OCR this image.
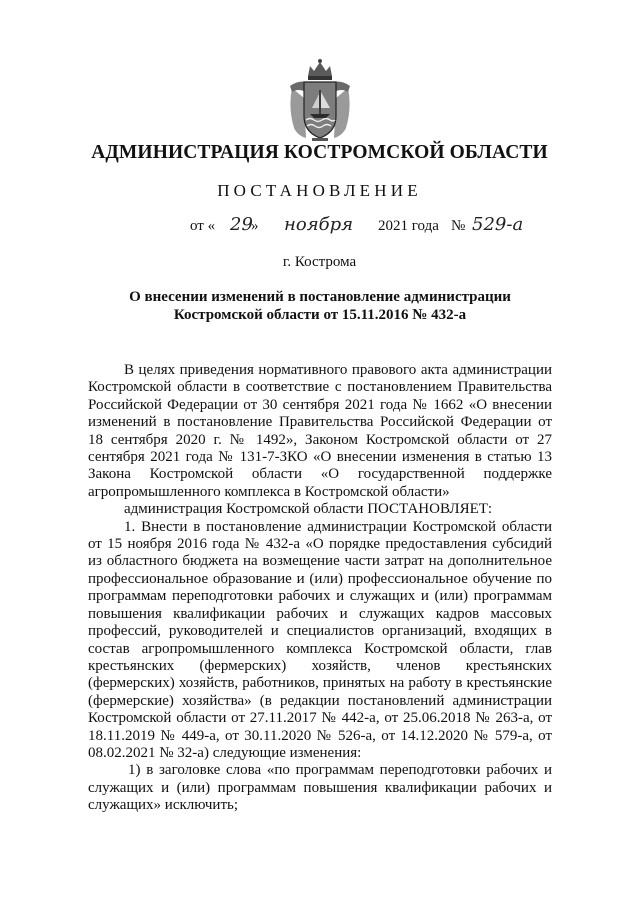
АДМИНИСТРАЦИЯ КОСТРОМСКОЙ ОБЛАСТИ
ПОСТАНОВЛЕНИЕ
от « 29
» ноября 2021 года № 529-а
г. Кострома
О внесении изменений в постановление администрации
Костромской области от 15.11.2016 № 432-а

В целях приведения нормативного правового акта администрации Костромской области в соответствие с постановлением Правительства Российской Федерации от 30 сентября 2021 года № 1662 «О внесении изменений в постановление Правительства Российской Федерации от 18 сентября 2020 г. № 1492», Законом Костромской области от 27 сентября 2021 года № 131-7-ЗКО «О внесении изменения в статью 13 Закона Костромской области «О государственной поддержке агропромышленного комплекса в Костромской области»

администрация Костромской области ПОСТАНОВЛЯЕТ:

1. Внести в постановление администрации Костромской области от 15 ноября 2016 года № 432-а «О порядке предоставления субсидий из областного бюджета на возмещение части затрат на дополнительное профессиональное образование и (или) профессиональное обучение по программам переподготовки рабочих и служащих и (или) программам повышения квалификации рабочих и служащих кадров массовых профессий, руководителей и специалистов организаций, входящих в состав агропромышленного комплекса Костромской области, глав крестьянских (фермерских) хозяйств, членов крестьянских (фермерских) хозяйств, работников, принятых на работу в крестьянские (фермерские) хозяйства» (в редакции постановлений администрации Костромской области от 27.11.2017 № 442-а, от 25.06.2018 № 263-а, от 18.11.2019 № 449-а, от 30.11.2020 № 526-а, от 14.12.2020 № 579-а, от 08.02.2021 № 32-а) следующие изменения:

1) в заголовке слова «по программам переподготовки рабочих и служащих и (или) программам повышения квалификации рабочих и служащих» исключить;
